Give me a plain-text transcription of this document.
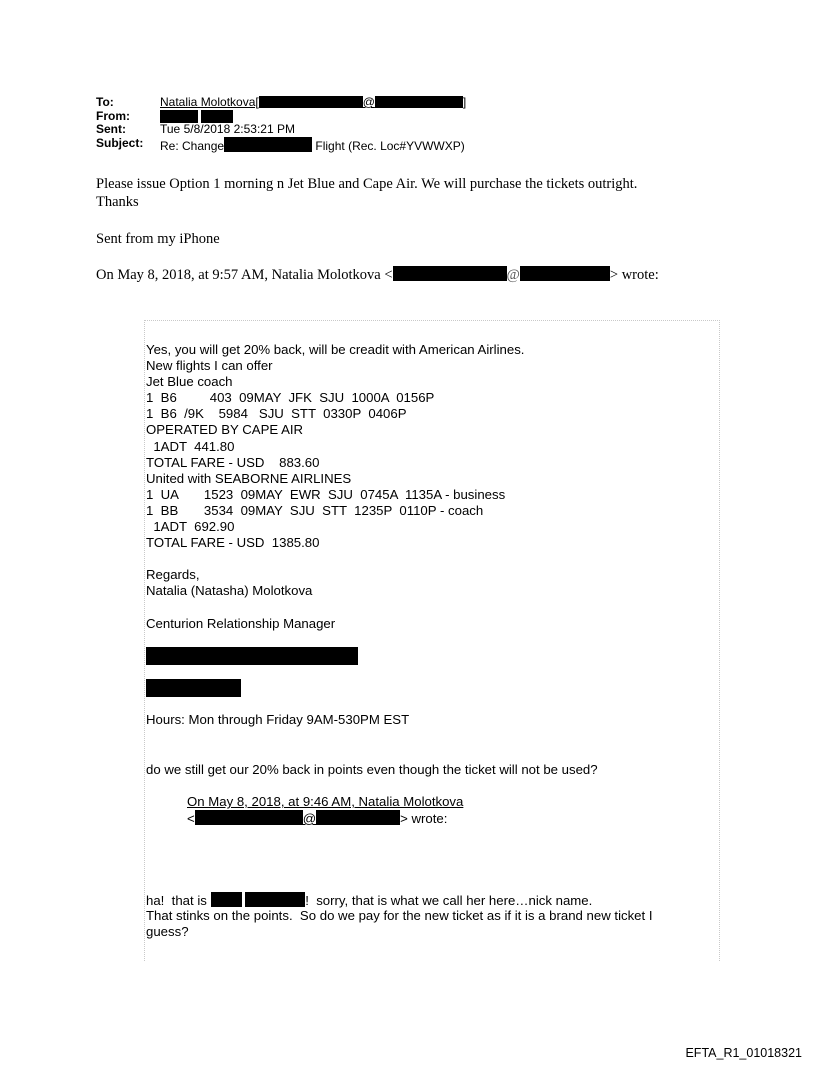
To:	Natalia Molotkova[	@	]
From:

Sent:	Tue 5/8/2018 2:53:21 PM
Subject: Re: Change	Flight (Rec. Loc#YVWWXP)
Please issue Option 1 morning n Jet Blue and Cape Air. We will purchase the tickets outright.
Thanks
Sent from my iPhone
On May 8, 2018, at 9:57 AM, Natalia Molotkova <	@	> wrote:
Yes, you will get 20% back, will be creadit with American Airlines.
New flights I can offer
Jet Blue coach
1  B6         403  09MAY  JFK  SJU  1000A  0156P
1  B6  /9K    5984   SJU  STT  0330P  0406P
OPERATED BY CAPE AIR
1ADT  441.80
TOTAL FARE - USD    883.60
United with SEABORNE AIRLINES
1  UA       1523  09MAY  EWR  SJU  0745A  1135A - business
1  BB       3534  09MAY  SJU  STT  1235P  0110P - coach
1ADT  692.90
TOTAL FARE - USD  1385.80
Regards,
Natalia (Natasha) Molotkova
Centurion Relationship Manager
Hours: Mon through Friday 9AM-530PM EST
do we still get our 20% back in points even though the ticket will not be used?
On May 8, 2018, at 9:46 AM, Natalia Molotkova
<	@	> wrote:
ha!  that is	!  sorry, that is what we call her here…nick name.
That stinks on the points.  So do we pay for the new ticket as if it is a brand new ticket I
guess?
EFTA_R1_01018321
